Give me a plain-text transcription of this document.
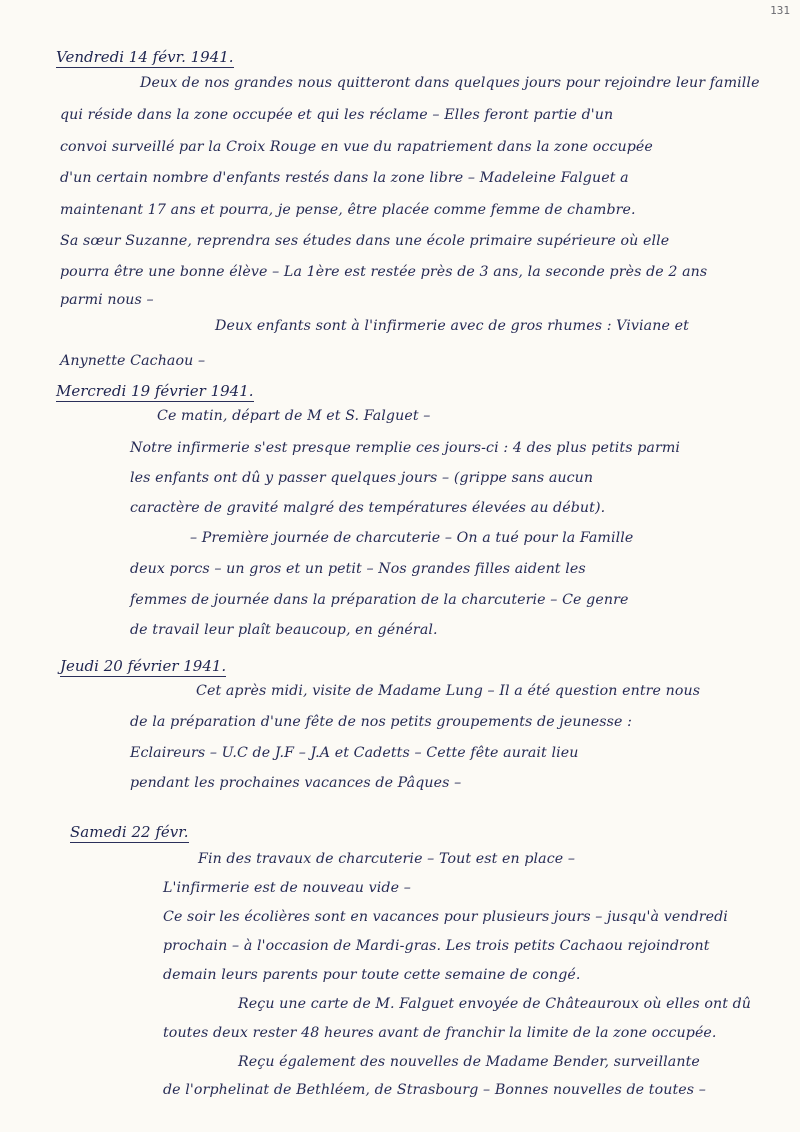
131
Vendredi 14 févr. 1941.
Deux de nos grandes nous quitteront dans quelques jours pour rejoindre leur famille
qui réside dans la zone occupée et qui les réclame – Elles feront partie d'un
convoi surveillé par la Croix Rouge en vue du rapatriement dans la zone occupée
d'un certain nombre d'enfants restés dans la zone libre – Madeleine Falguet a
maintenant 17 ans et pourra, je pense, être placée comme femme de chambre.
Sa sœur Suzanne, reprendra ses études dans une école primaire supérieure où elle
pourra être une bonne élève – La 1ère est restée près de 3 ans, la seconde près de 2 ans
parmi nous –
Deux enfants sont à l'infirmerie avec de gros rhumes : Viviane et
Anynette Cachaou –
Mercredi 19 février 1941.
Ce matin, départ de M et S. Falguet –
Notre infirmerie s'est presque remplie ces jours-ci : 4 des plus petits parmi
les enfants ont dû y passer quelques jours – (grippe sans aucun
caractère de gravité malgré des températures élevées au début).
– Première journée de charcuterie – On a tué pour la Famille
deux porcs – un gros et un petit – Nos grandes filles aident les
femmes de journée dans la préparation de la charcuterie – Ce genre
de travail leur plaît beaucoup, en général.
Jeudi 20 février 1941.
Cet après midi, visite de Madame Lung – Il a été question entre nous
de la préparation d'une fête de nos petits groupements de jeunesse :
Eclaireurs – U.C de J.F – J.A et Cadetts – Cette fête aurait lieu
pendant les prochaines vacances de Pâques –
Samedi 22 févr.
Fin des travaux de charcuterie – Tout est en place –
L'infirmerie est de nouveau vide –
Ce soir les écolières sont en vacances pour plusieurs jours – jusqu'à vendredi
prochain – à l'occasion de Mardi-gras. Les trois petits Cachaou rejoindront
demain leurs parents pour toute cette semaine de congé.
Reçu une carte de M. Falguet envoyée de Châteauroux où elles ont dû
toutes deux rester 48 heures avant de franchir la limite de la zone occupée.
Reçu également des nouvelles de Madame Bender, surveillante
de l'orphelinat de Bethléem, de Strasbourg – Bonnes nouvelles de toutes –
